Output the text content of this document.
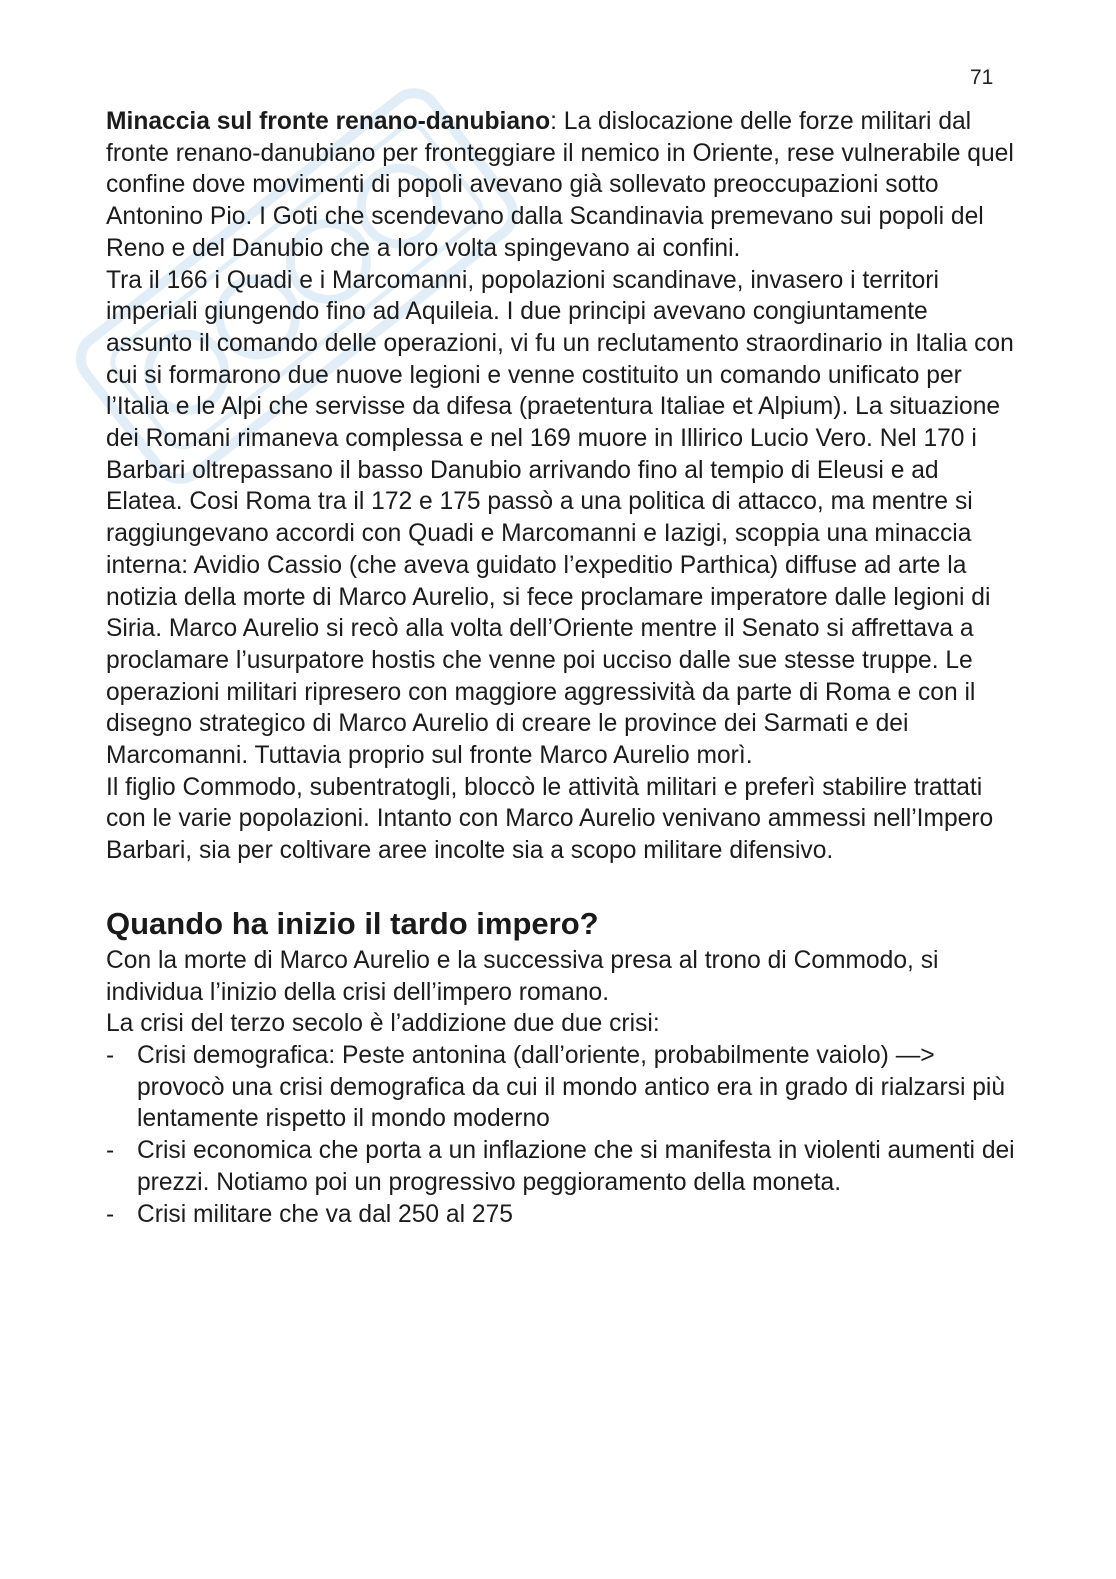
71

Minaccia sul fronte renano-danubiano: La dislocazione delle forze militari dal fronte renano-danubiano per fronteggiare il nemico in Oriente, rese vulnerabile quel confine dove movimenti di popoli avevano già sollevato preoccupazioni sotto Antonino Pio. I Goti che scendevano dalla Scandinavia premevano sui popoli del Reno e del Danubio che a loro volta spingevano ai confini.

Tra il 166 i Quadi e i Marcomanni, popolazioni scandinave, invasero i territori imperiali giungendo fino ad Aquileia. I due principi avevano congiuntamente assunto il comando delle operazioni, vi fu un reclutamento straordinario in Italia con cui si formarono due nuove legioni e venne costituito un comando unificato per l’Italia e le Alpi che servisse da difesa (praetentura Italiae et Alpium). La situazione dei Romani rimaneva complessa e nel 169 muore in Illirico Lucio Vero. Nel 170 i Barbari oltrepassano il basso Danubio arrivando fino al tempio di Eleusi e ad Elatea. Cosi Roma tra il 172 e 175 passò a una politica di attacco, ma mentre si raggiungevano accordi con Quadi e Marcomanni e Iazigi, scoppia una minaccia interna: Avidio Cassio (che aveva guidato l’expeditio Parthica) diffuse ad arte la notizia della morte di Marco Aurelio, si fece proclamare imperatore dalle legioni di Siria. Marco Aurelio si recò alla volta dell’Oriente mentre il Senato si affrettava a proclamare l’usurpatore hostis che venne poi ucciso dalle sue stesse truppe. Le operazioni militari ripresero con maggiore aggressività da parte di Roma e con il disegno strategico di Marco Aurelio di creare le province dei Sarmati e dei Marcomanni. Tuttavia proprio sul fronte Marco Aurelio morì.

Il figlio Commodo, subentratogli, bloccò le attività militari e preferì stabilire trattati con le varie popolazioni. Intanto con Marco Aurelio venivano ammessi nell’Impero Barbari, sia per coltivare aree incolte sia a scopo militare difensivo.

Quando ha inizio il tardo impero?

Con la morte di Marco Aurelio e la successiva presa al trono di Commodo, si individua l’inizio della crisi dell’impero romano.

La crisi del terzo secolo è l’addizione due due crisi:

- Crisi demografica: Peste antonina (dall’oriente, probabilmente vaiolo) —> provocò una crisi demografica da cui il mondo antico era in grado di rialzarsi più lentamente rispetto il mondo moderno
- Crisi economica che porta a un inflazione che si manifesta in violenti aumenti dei prezzi. Notiamo poi un progressivo peggioramento della moneta.
- Crisi militare che va dal 250 al 275
